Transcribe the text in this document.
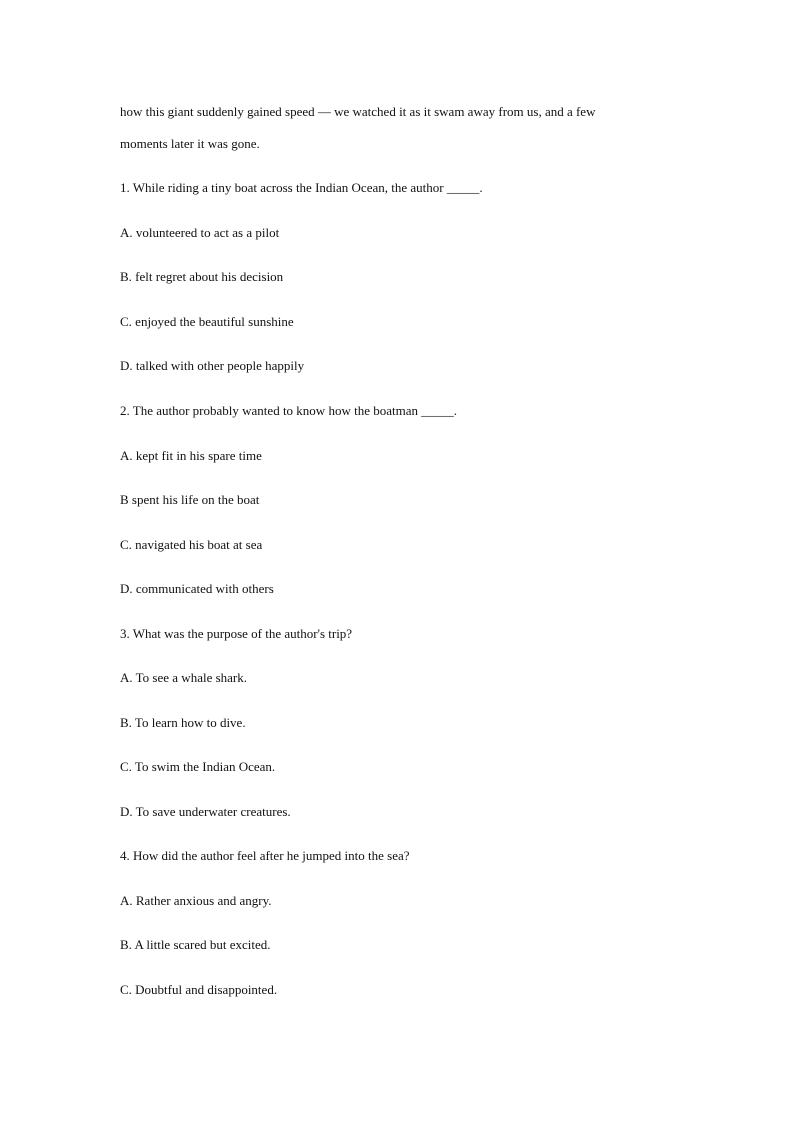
how this giant suddenly gained speed — we watched it as it swam away from us, and a few
moments later it was gone.
1. While riding a tiny boat across the Indian Ocean, the author _____.
A. volunteered to act as a pilot
B. felt regret about his decision
C. enjoyed the beautiful sunshine
D. talked with other people happily
2. The author probably wanted to know how the boatman _____.
A. kept fit in his spare time
B spent his life on the boat
C. navigated his boat at sea
D. communicated with others
3. What was the purpose of the author's trip?
A. To see a whale shark.
B. To learn how to dive.
C. To swim the Indian Ocean.
D. To save underwater creatures.
4. How did the author feel after he jumped into the sea?
A. Rather anxious and angry.
B. A little scared but excited.
C. Doubtful and disappointed.
